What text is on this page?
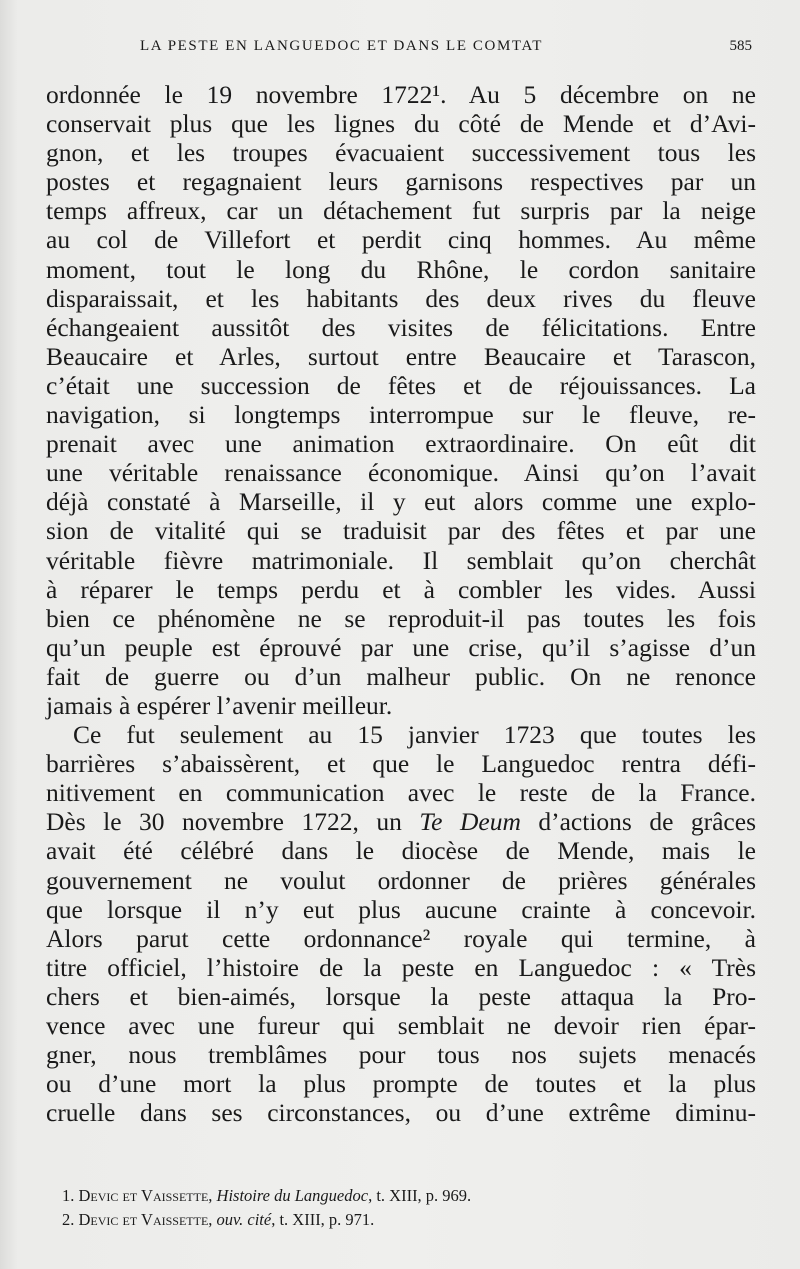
LA PESTE EN LANGUEDOC ET DANS LE COMTAT	585
ordonnée le 19 novembre 1722¹. Au 5 décembre on ne
conservait plus que les lignes du côté de Mende et d’Avi-
gnon, et les troupes évacuaient successivement tous les
postes et regagnaient leurs garnisons respectives par un
temps affreux, car un détachement fut surpris par la neige
au col de Villefort et perdit cinq hommes. Au même
moment, tout le long du Rhône, le cordon sanitaire
disparaissait, et les habitants des deux rives du fleuve
échangeaient aussitôt des visites de félicitations. Entre
Beaucaire et Arles, surtout entre Beaucaire et Tarascon,
c’était une succession de fêtes et de réjouissances. La
navigation, si longtemps interrompue sur le fleuve, re-
prenait avec une animation extraordinaire. On eût dit
une véritable renaissance économique. Ainsi qu’on l’avait
déjà constaté à Marseille, il y eut alors comme une explo-
sion de vitalité qui se traduisit par des fêtes et par une
véritable fièvre matrimoniale. Il semblait qu’on cherchât
à réparer le temps perdu et à combler les vides. Aussi
bien ce phénomène ne se reproduit-il pas toutes les fois
qu’un peuple est éprouvé par une crise, qu’il s’agisse d’un
fait de guerre ou d’un malheur public. On ne renonce
jamais à espérer l’avenir meilleur.
Ce fut seulement au 15 janvier 1723 que toutes les
barrières s’abaissèrent, et que le Languedoc rentra défi-
nitivement en communication avec le reste de la France.
Dès le 30 novembre 1722, un Te Deum d’actions de grâces
avait été célébré dans le diocèse de Mende, mais le
gouvernement ne voulut ordonner de prières générales
que lorsque il n’y eut plus aucune crainte à concevoir.
Alors parut cette ordonnance² royale qui termine, à
titre officiel, l’histoire de la peste en Languedoc : « Très
chers et bien-aimés, lorsque la peste attaqua la Pro-
vence avec une fureur qui semblait ne devoir rien épar-
gner, nous tremblâmes pour tous nos sujets menacés
ou d’une mort la plus prompte de toutes et la plus
cruelle dans ses circonstances, ou d’une extrême diminu-
1. Devic et Vaissette, Histoire du Languedoc, t. XIII, p. 969.
2. Devic et Vaissette, ouv. cité, t. XIII, p. 971.
